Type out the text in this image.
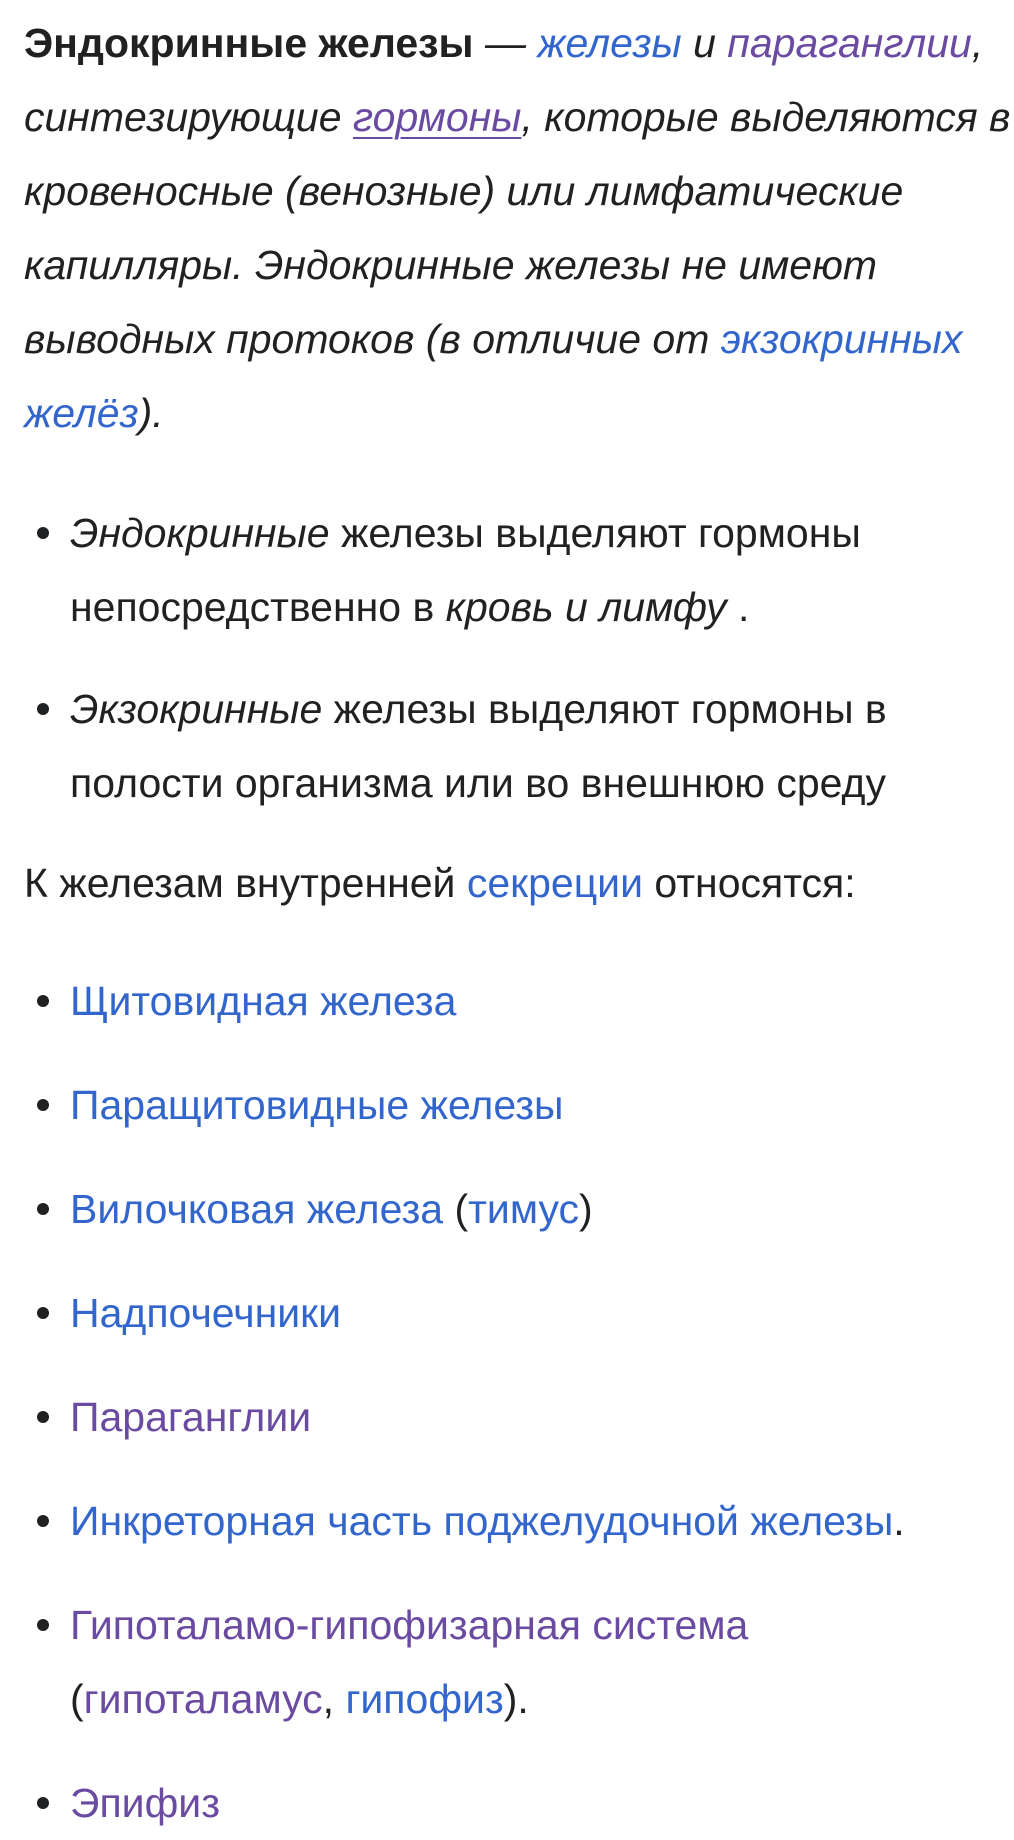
Эндокринные железы — железы и параганглии, синтезирующие гормоны, которые выделяются в кровеносные (венозные) или лимфатические капилляры. Эндокринные железы не имеют выводных протоков (в отличие от экзокринных желёз).

Эндокринные железы выделяют гормоны непосредственно в кровь и лимфу .
Экзокринные железы выделяют гормоны в полости организма или во внешнюю среду

К железам внутренней секреции относятся:

Щитовидная железа
Паращитовидные железы
Вилочковая железа (тимус)
Надпочечники
Параганглии
Инкреторная часть поджелудочной железы.
Гипоталамо-гипофизарная система (гипоталамус, гипофиз).
Эпифиз
